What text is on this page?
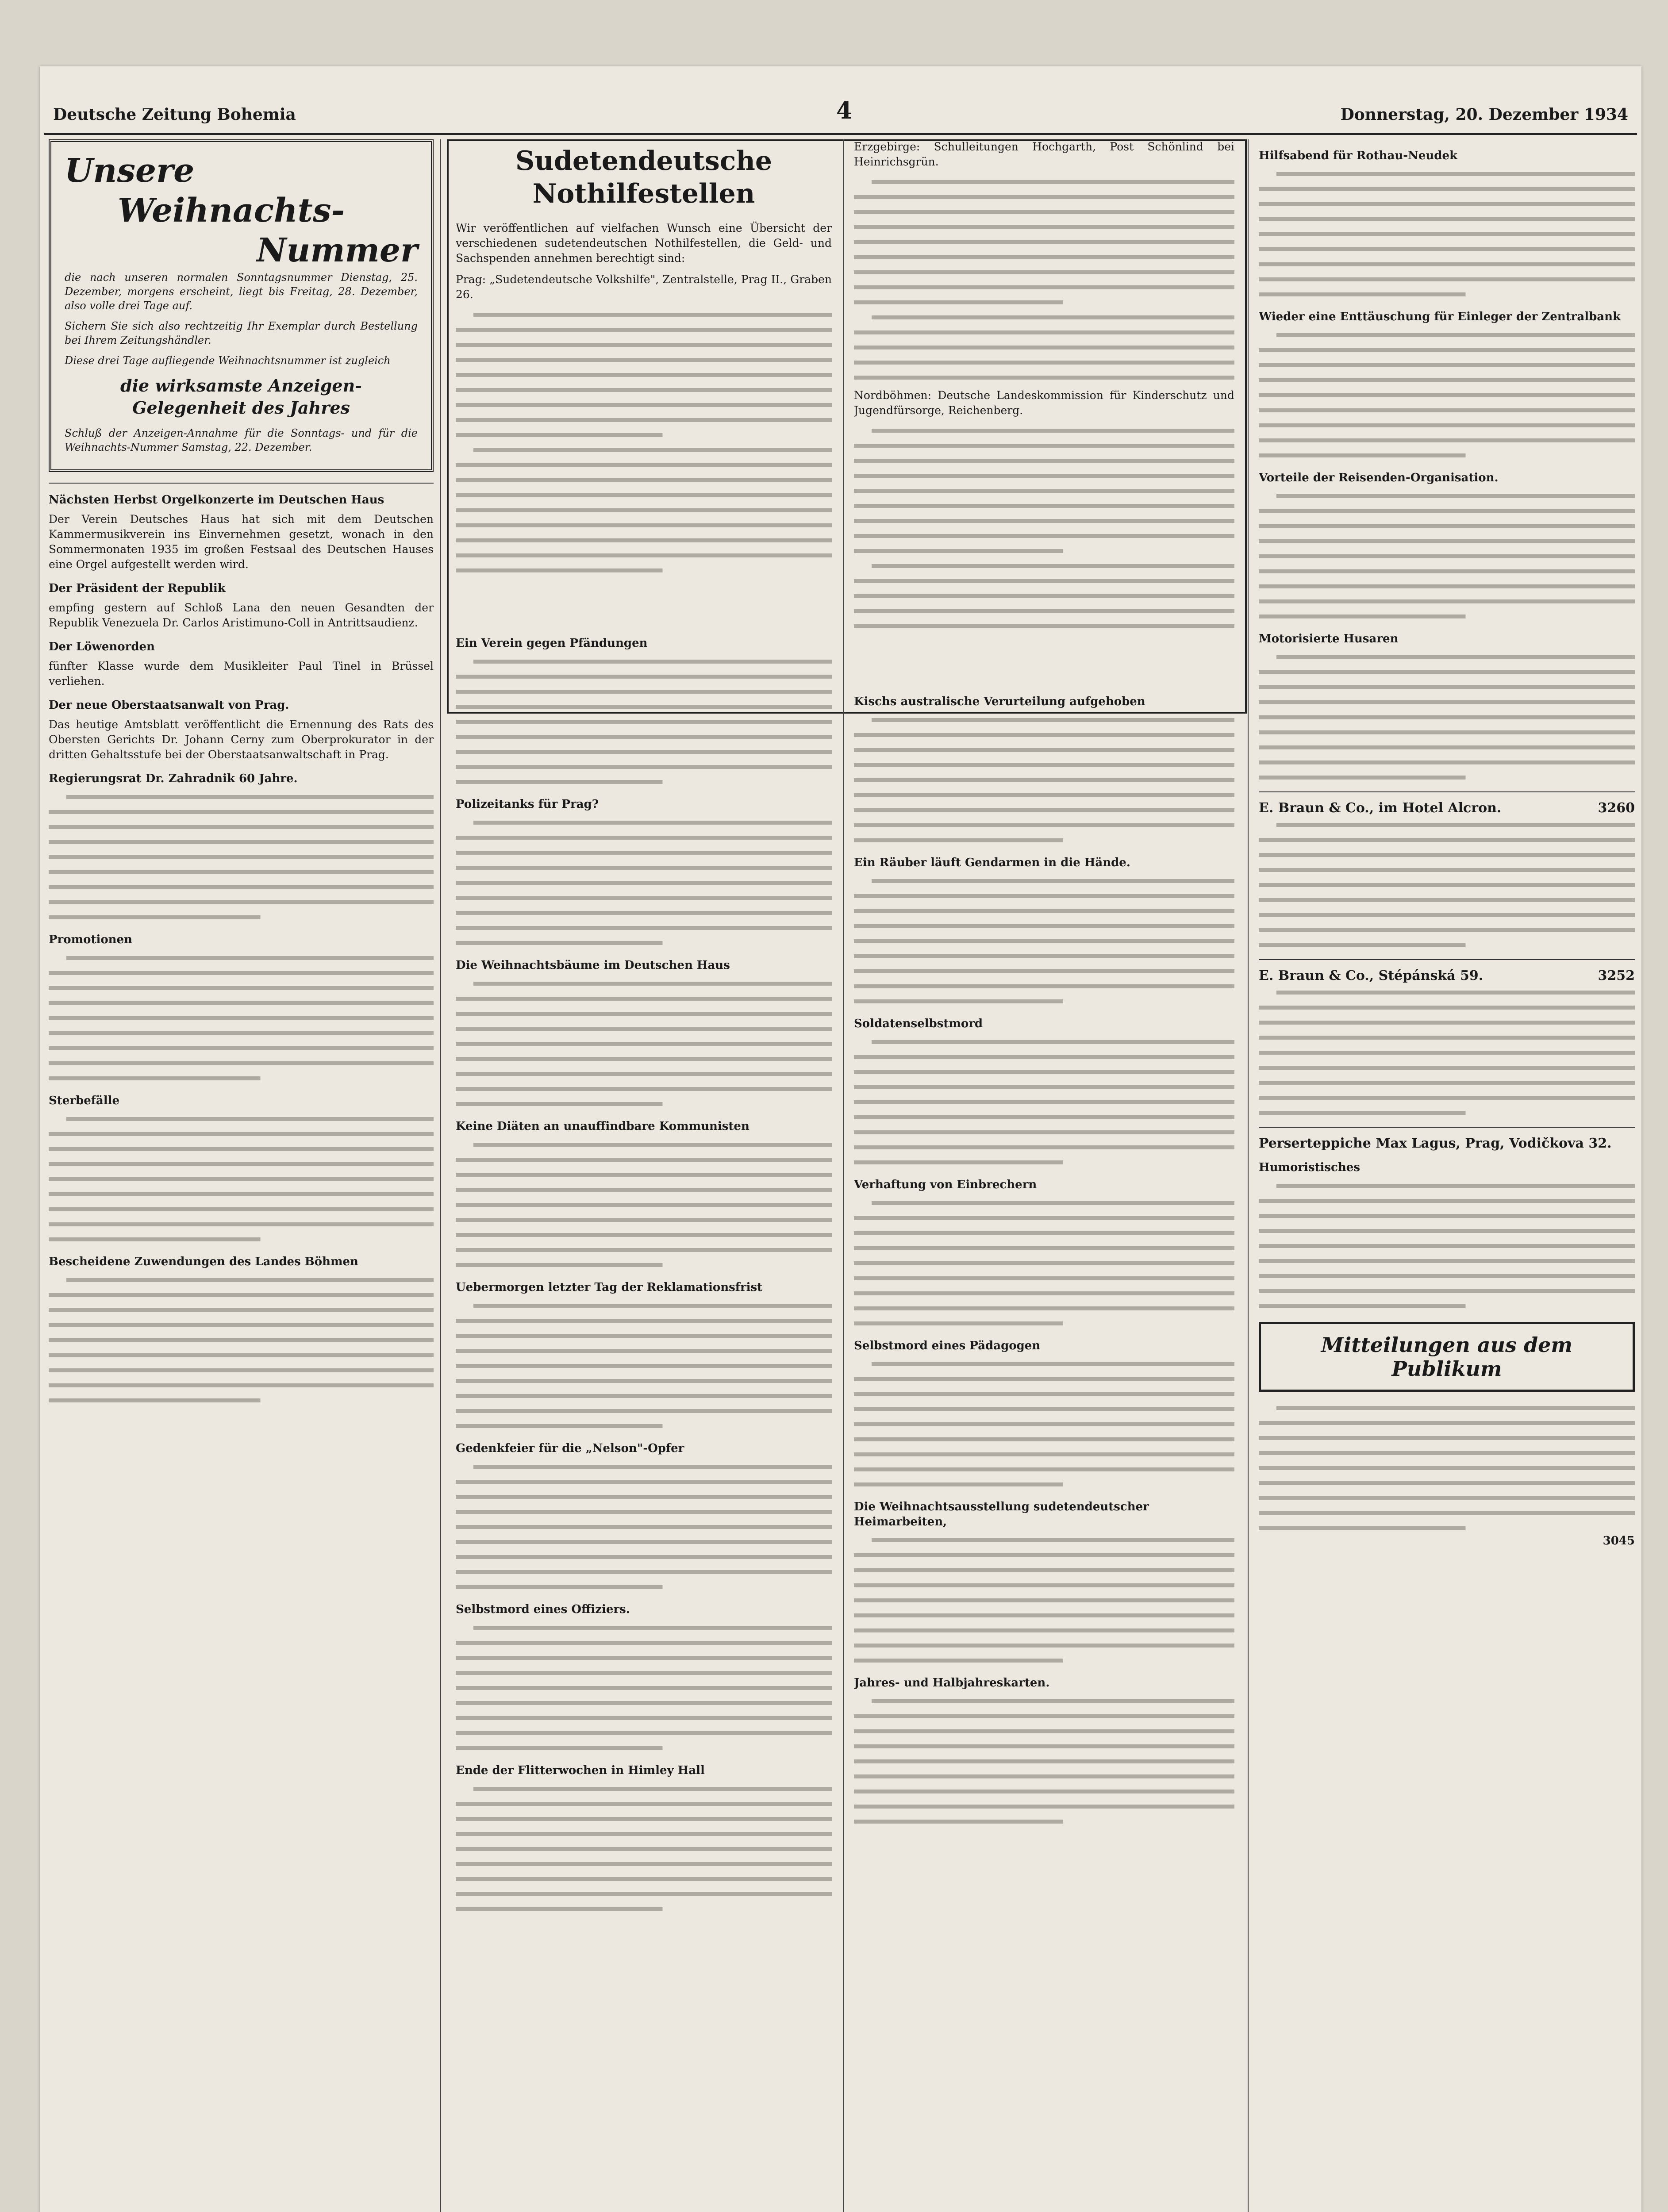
Deutsche Zeitung Bohemia	4	Donnerstag, 20. Dezember 1934
Unsere
Weihnachts-
Nummer

die nach unseren normalen Sonntagsnummer Dienstag, 25. Dezember, morgens erscheint, liegt bis Freitag, 28. Dezember, also volle drei Tage auf.

Sichern Sie sich also rechtzeitig Ihr Exemplar durch Bestellung bei Ihrem Zeitungshändler.

Diese drei Tage aufliegende Weihnachtsnummer ist zugleich

die wirksamste Anzeigen-Gelegenheit des Jahres

Schluß der Anzeigen-Annahme für die Sonntags- und für die Weihnachts-Nummer Samstag, 22. Dezember.

Nächsten Herbst Orgelkonzerte im Deutschen Haus

Der Verein Deutsches Haus hat sich mit dem Deutschen Kammermusikverein ins Einvernehmen gesetzt, wonach in den Sommermonaten 1935 im großen Festsaal des Deutschen Hauses eine Orgel aufgestellt werden wird.

Der Präsident der Republik

empfing gestern auf Schloß Lana den neuen Gesandten der Republik Venezuela Dr. Carlos Aristimuno-Coll in Antrittsaudienz.

Der Löwenorden

fünfter Klasse wurde dem Musikleiter Paul Tinel in Brüssel verliehen.

Der neue Oberstaatsanwalt von Prag.

Das heutige Amtsblatt veröffentlicht die Ernennung des Rats des Obersten Gerichts Dr. Johann Cerny zum Oberprokurator in der dritten Gehaltsstufe bei der Oberstaatsanwaltschaft in Prag.

Regierungsrat Dr. Zahradnik 60 Jahre.
Promotionen
Sterbefälle
Bescheidene Zuwendungen des Landes Böhmen
Sudetendeutsche Nothilfestellen

Wir veröffentlichen auf vielfachen Wunsch eine Übersicht der verschiedenen sudetendeutschen Nothilfestellen, die Geld- und Sachspenden annehmen berechtigt sind:

Prag: „Sudetendeutsche Volkshilfe", Zentralstelle, Prag II., Graben 26.

Ein Verein gegen Pfändungen
Polizeitanks für Prag?
Die Weihnachtsbäume im Deutschen Haus
Keine Diäten an unauffindbare Kommunisten
Uebermorgen letzter Tag der Reklamationsfrist
Gedenkfeier für die „Nelson"-Opfer
Selbstmord eines Offiziers.
Ende der Flitterwochen in Himley Hall

Erzgebirge: Schulleitungen Hochgarth, Post Schönlind bei Heinrichsgrün.

Nordböhmen: Deutsche Landeskommission für Kinderschutz und Jugendfürsorge, Reichenberg.

Kischs australische Verurteilung aufgehoben
Ein Räuber läuft Gendarmen in die Hände.
Soldatenselbstmord
Verhaftung von Einbrechern
Selbstmord eines Pädagogen
Die Weihnachtsausstellung sudetendeutscher Heimarbeiten,
Jahres- und Halbjahreskarten.
Hilfsabend für Rothau-Neudek
Wieder eine Enttäuschung für Einleger der Zentralbank
Vorteile der Reisenden-Organisation.
Motorisierte Husaren
E. Braun & Co., im Hotel Alcron.	3260
E. Braun & Co., Stépánská 59.	3252
Perserteppiche Max Lagus, Prag, Vodičkova 32.
Humoristisches
Mitteilungen aus dem Publikum
3045
